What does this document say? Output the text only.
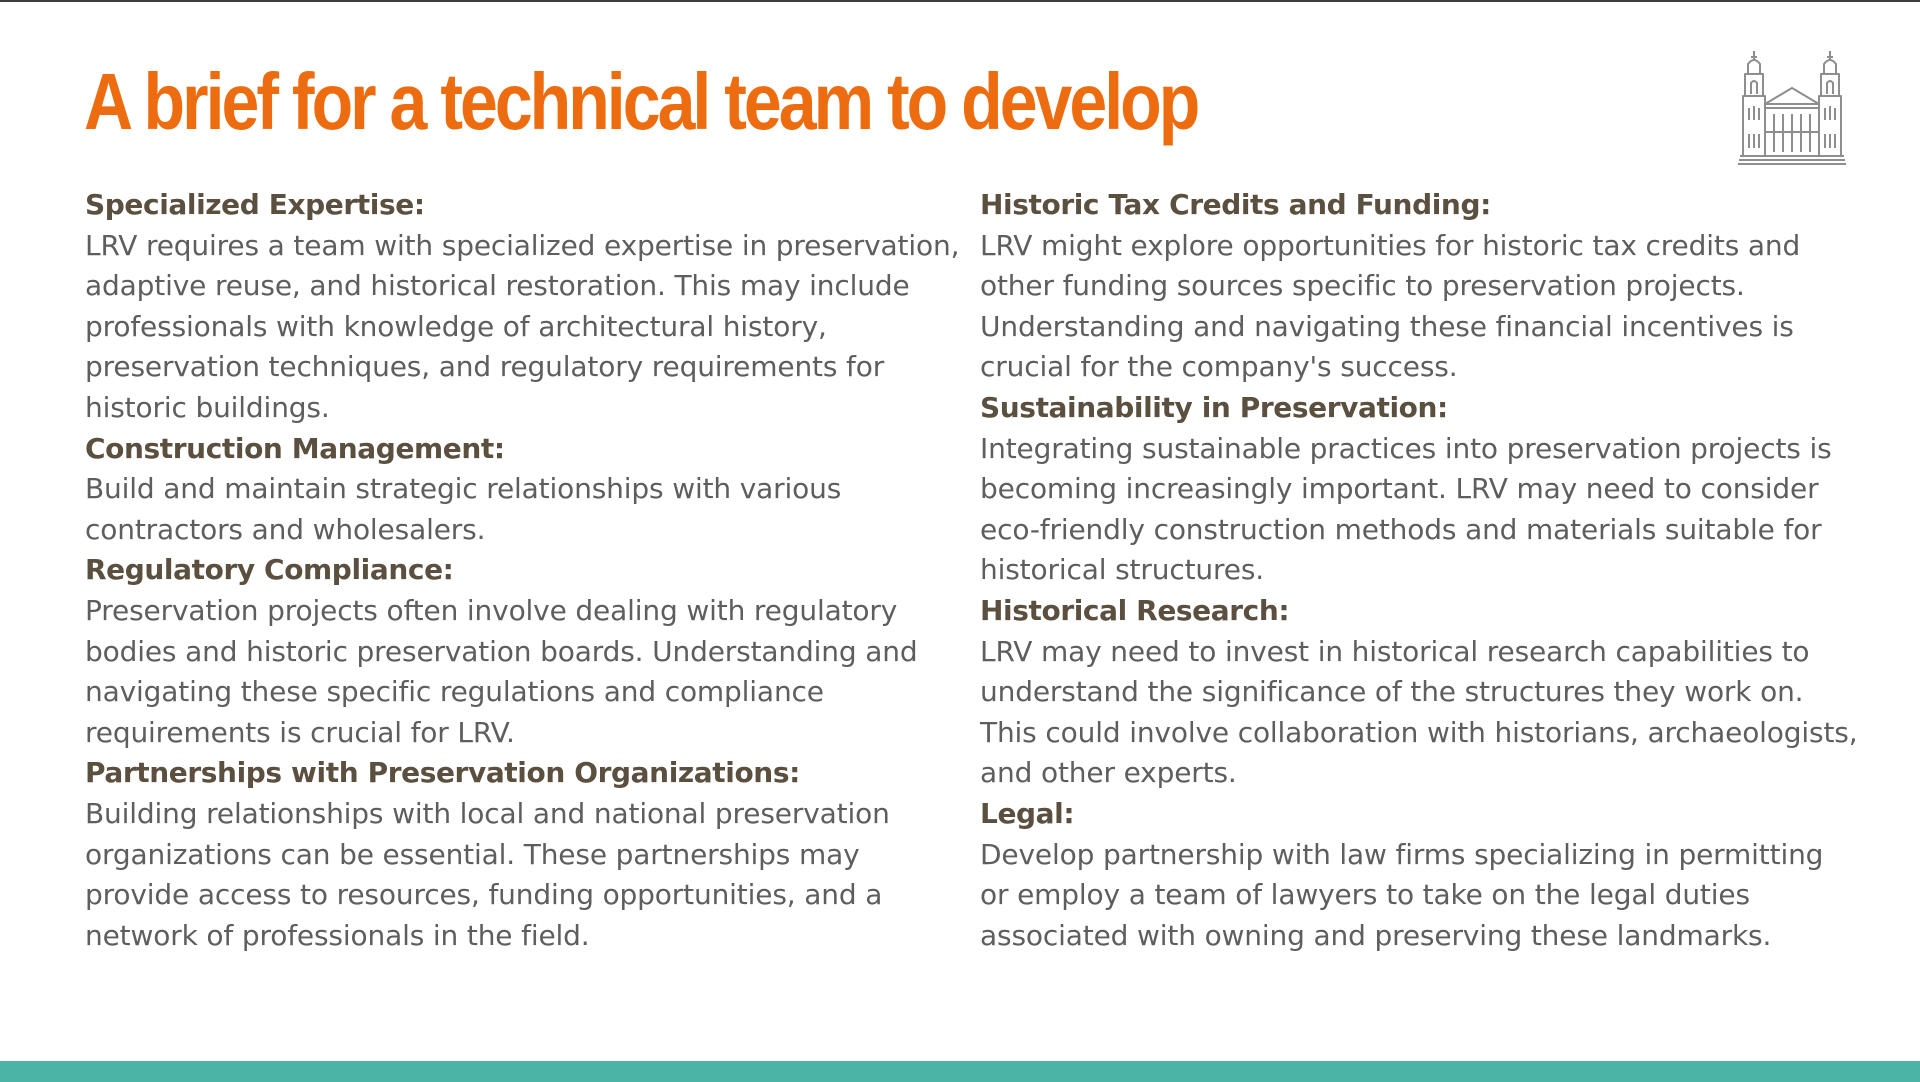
A brief for a technical team to develop
Specialized Expertise:
LRV requires a team with specialized expertise in preservation, adaptive reuse, and historical restoration. This may include professionals with knowledge of architectural history, preservation techniques, and regulatory requirements for historic buildings.
Construction Management:
Build and maintain strategic relationships with various contractors and wholesalers.
Regulatory Compliance:
Preservation projects often involve dealing with regulatory bodies and historic preservation boards. Understanding and navigating these specific regulations and compliance requirements is crucial for LRV.
Partnerships with Preservation Organizations:
Building relationships with local and national preservation organizations can be essential. These partnerships may provide access to resources, funding opportunities, and a network of professionals in the field.
Historic Tax Credits and Funding:
LRV might explore opportunities for historic tax credits and other funding sources specific to preservation projects. Understanding and navigating these financial incentives is crucial for the company's success.
Sustainability in Preservation:
Integrating sustainable practices into preservation projects is becoming increasingly important. LRV may need to consider eco-friendly construction methods and materials suitable for historical structures.
Historical Research:
LRV may need to invest in historical research capabilities to understand the significance of the structures they work on. This could involve collaboration with historians, archaeologists, and other experts.
Legal:
Develop partnership with law firms specializing in permitting or employ a team of lawyers to take on the legal duties associated with owning and preserving these landmarks.
